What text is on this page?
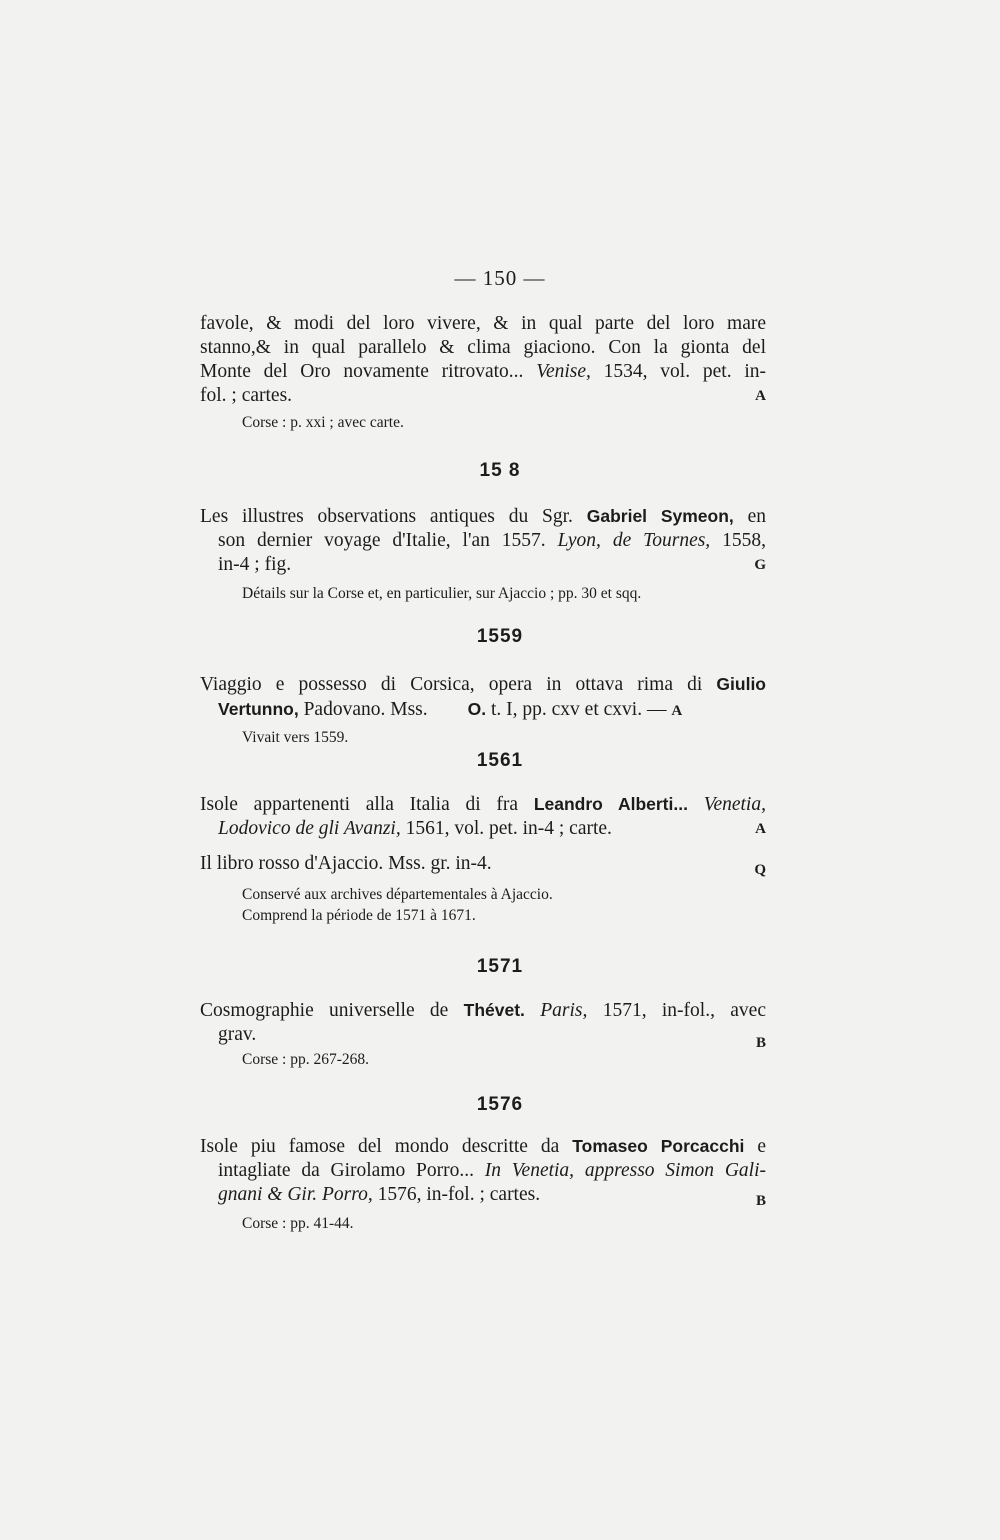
— 150 —
favole, & modi del loro vivere, & in qual parte del loro mare
stanno,& in qual parallelo & clima giaciono. Con la gionta del
Monte del Oro novamente ritrovato... Venise, 1534, vol. pet. in-
fol. ; cartes.	A
Corse : p. xxi ; avec carte.
15 8
Les illustres observations antiques du Sgr. Gabriel Symeon, en
son dernier voyage d'Italie, l'an 1557. Lyon, de Tournes, 1558,
in-4 ; fig.	G
Détails sur la Corse et, en particulier, sur Ajaccio ; pp. 30 et sqq.
1559
Viaggio e possesso di Corsica, opera in ottava rima di Giulio
Vertunno, Padovano. Mss. O. t. I, pp. cxv et cxvi. — A
Vivait vers 1559.
1561
Isole appartenenti alla Italia di fra Leandro Alberti... Venetia,
Lodovico de gli Avanzi, 1561, vol. pet. in-4 ; carte.	A
Il libro rosso d'Ajaccio. Mss. gr. in-4.	Q
Conservé aux archives départementales à Ajaccio.
Comprend la période de 1571 à 1671.
1571
Cosmographie universelle de Thévet. Paris, 1571, in-fol., avec
grav.	B
Corse : pp. 267-268.
1576
Isole piu famose del mondo descritte da Tomaseo Porcacchi e
intagliate da Girolamo Porro... In Venetia, appresso Simon Gali-
gnani & Gir. Porro, 1576, in-fol. ; cartes.	B
Corse : pp. 41-44.
